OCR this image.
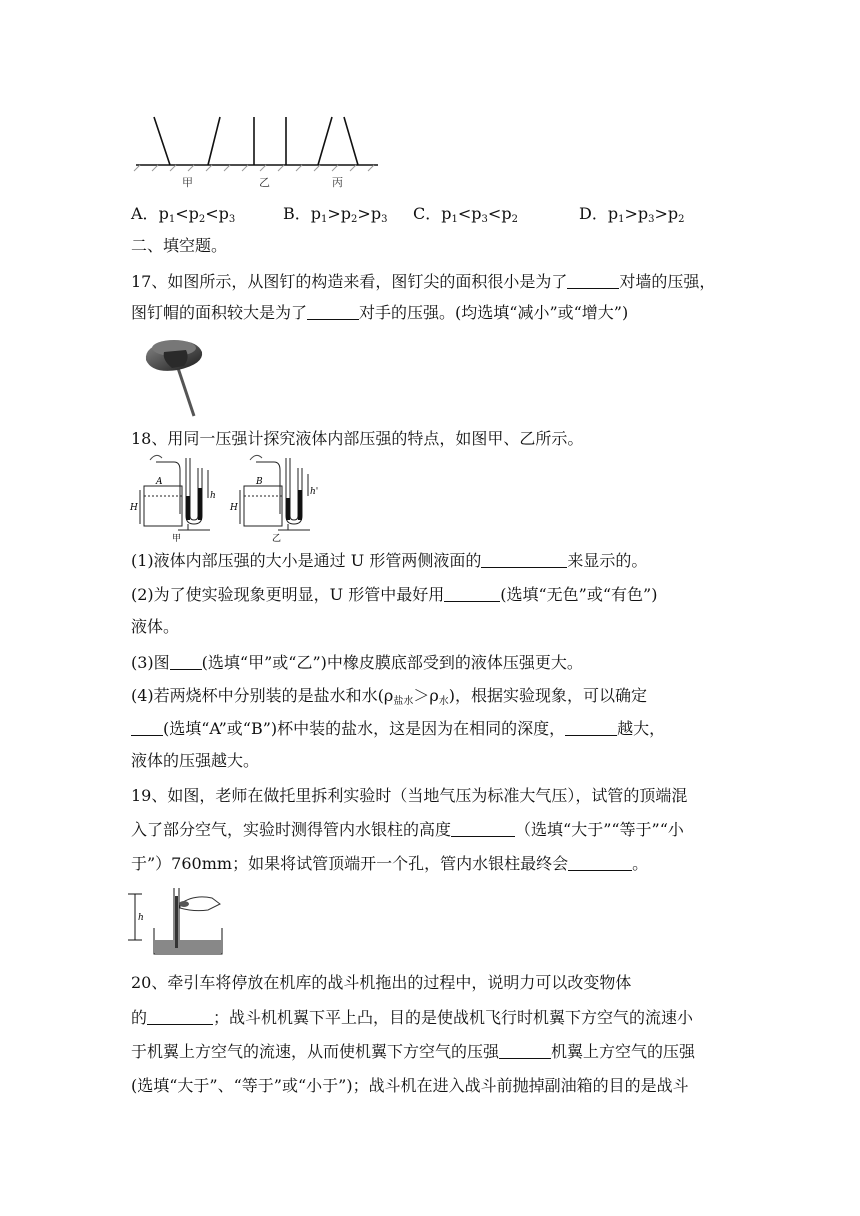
甲	乙	丙
A．$p_1<p_2<p_3$	B．$p_1>p_2>p_3$ C．$p_1<p_3<p_2$	D．$p_1>p_3>p_2$
二、填空题。
17、如图所示，从图钉的构造来看，图钉尖的面积很小是为了	对墙的压强，
图钉帽的面积较大是为了	对手的压强。(均选填“减小”或“增大”)
18、用同一压强计探究液体内部压强的特点，如图甲、乙所示。
A
H
h
甲
B
H
h'
乙
(1)液体内部压强的大小是通过 U 形管两侧液面的	来显示的。
(2)为了使实验现象更明显，U 形管中最好用	(选填“无色”或“有色”)
液体。
(3)图 (选填“甲”或“乙”)中橡皮膜底部受到的液体压强更大。
(4)若两烧杯中分别装的是盐水和水$(\rho_{盐水}>\rho_水)$，根据实验现象，可以确定
(选填“A”或“B”)杯中装的盐水，这是因为在相同的深度，	越大，
液体的压强越大。
19、如图，老师在做托里拆利实验时（当地气压为标准大气压），试管的顶端混
入了部分空气，实验时测得管内水银柱的高度	（选填“大于”“等于”“小
于”）760mm；如果将试管顶端开一个孔，管内水银柱最终会	。
h
20、牵引车将停放在机库的战斗机拖出的过程中，说明力可以改变物体
的	；战斗机机翼下平上凸，目的是使战机飞行时机翼下方空气的流速小
于机翼上方空气的流速，从而使机翼下方空气的压强	机翼上方空气的压强
(选填“大于”、“等于”或“小于”)；战斗机在进入战斗前抛掉副油箱的目的是战斗
